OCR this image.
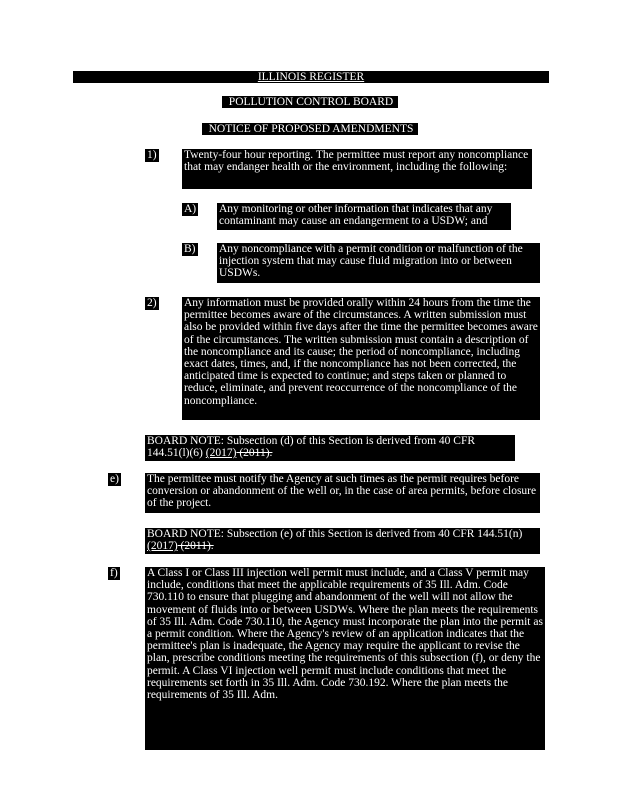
ILLINOIS REGISTER
POLLUTION CONTROL BOARD
NOTICE OF PROPOSED AMENDMENTS
1) Twenty-four hour reporting. The permittee must report any noncompliance that may endanger health or the environment, including the following:
A) Any monitoring or other information that indicates that any contaminant may cause an endangerment to a USDW; and
B) Any noncompliance with a permit condition or malfunction of the injection system that may cause fluid migration into or between USDWs.
2) Any information must be provided orally within 24 hours from the time the permittee becomes aware of the circumstances. A written submission must also be provided within five days after the time the permittee becomes aware of the circumstances. The written submission must contain a description of the noncompliance and its cause; the period of noncompliance, including exact dates, times, and, if the noncompliance has not been corrected, the anticipated time is expected to continue; and steps taken or planned to reduce, eliminate, and prevent reoccurrence of the noncompliance of the noncompliance.
BOARD NOTE: Subsection (d) of this Section is derived from 40 CFR 144.51(l)(6) (2017) (2011).
e) The permittee must notify the Agency at such times as the permit requires before conversion or abandonment of the well or, in the case of area permits, before closure of the project.
BOARD NOTE: Subsection (e) of this Section is derived from 40 CFR 144.51(n) (2017) (2011).
f)	A Class I or Class III injection well permit must include, and a Class V permit may include, conditions that meet the applicable requirements of 35 Ill. Adm. Code 730.110 to ensure that plugging and abandonment of the well will not allow the movement of fluids into or between USDWs. Where the plan meets the requirements of 35 Ill. Adm. Code 730.110, the Agency must incorporate the plan into the permit as a permit condition. Where the Agency's review of an application indicates that the permittee's plan is inadequate, the Agency may require the applicant to revise the plan, prescribe conditions meeting the requirements of this subsection (f), or deny the permit. A Class VI injection well permit must include conditions that meet the requirements set forth in 35 Ill. Adm. Code 730.192. Where the plan meets the requirements of 35 Ill. Adm.
